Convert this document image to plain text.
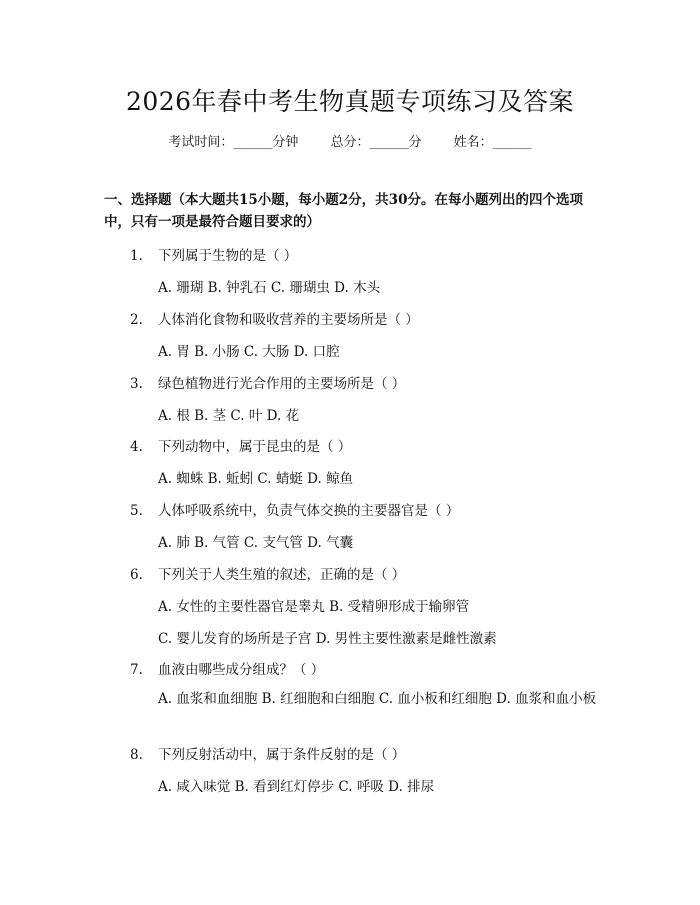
2026年春中考生物真题专项练习及答案
考试时间：______分钟 总分：______分 姓名：______
一、选择题（本大题共15小题，每小题2分，共30分。在每小题列出的四个选项中，只有一项是最符合题目要求的）
1. 下列属于生物的是（ ）
A. 珊瑚 B. 钟乳石 C. 珊瑚虫 D. 木头
2. 人体消化食物和吸收营养的主要场所是（ ）
A. 胃 B. 小肠 C. 大肠 D. 口腔
3. 绿色植物进行光合作用的主要场所是（ ）
A. 根 B. 茎 C. 叶 D. 花
4. 下列动物中，属于昆虫的是（ ）
A. 蜘蛛 B. 蚯蚓 C. 蜻蜓 D. 鲸鱼
5. 人体呼吸系统中，负责气体交换的主要器官是（ ）
A. 肺 B. 气管 C. 支气管 D. 气囊
6. 下列关于人类生殖的叙述，正确的是（ ）
A. 女性的主要性器官是睾丸 B. 受精卵形成于输卵管
C. 婴儿发育的场所是子宫 D. 男性主要性激素是雌性激素
7. 血液由哪些成分组成？（ ）
A. 血浆和血细胞 B. 红细胞和白细胞 C. 血小板和红细胞 D. 血浆和血小板
8. 下列反射活动中，属于条件反射的是（ ）
A. 咸入味觉 B. 看到红灯停步 C. 呼吸 D. 排尿
